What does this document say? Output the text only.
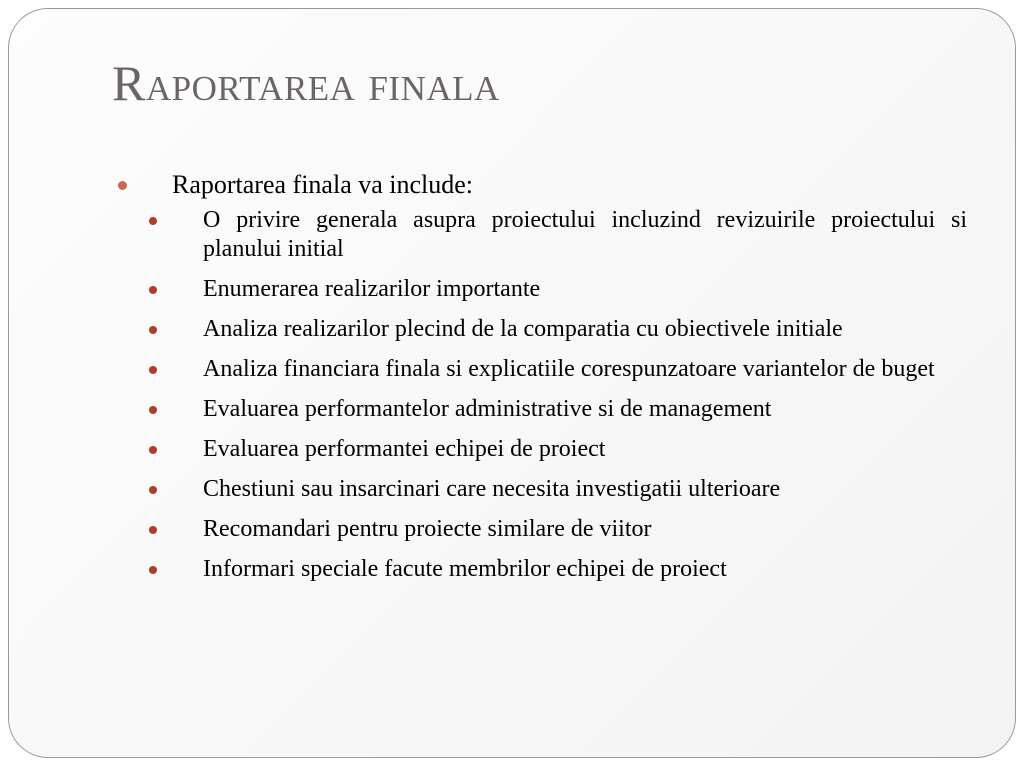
Raportarea finala
Raportarea finala va include:
O privire generala asupra proiectului incluzind revizuirile proiectului si planului initial
Enumerarea realizarilor importante
Analiza realizarilor plecind de la comparatia cu obiectivele initiale
Analiza financiara finala si explicatiile corespunzatoare variantelor de buget
Evaluarea performantelor administrative si de management
Evaluarea performantei echipei de proiect
Chestiuni sau insarcinari care necesita investigatii ulterioare
Recomandari pentru proiecte similare de viitor
Informari speciale facute membrilor echipei de proiect
